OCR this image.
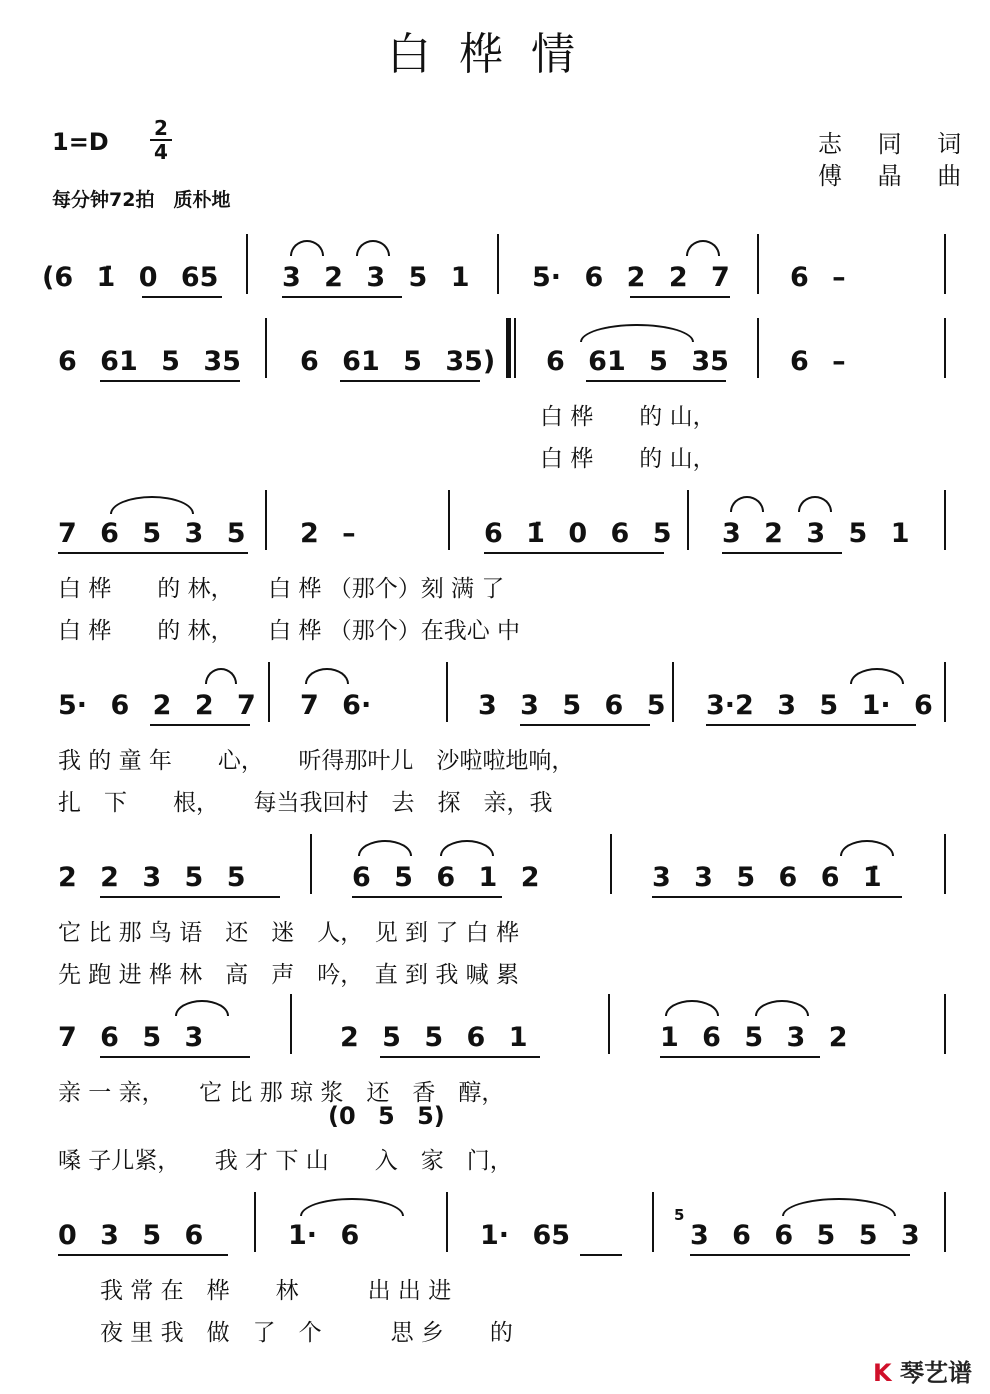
白桦情
1=D 2
4
每分钟72拍　质朴地
志 同 词
傅 晶 曲
(6 1̇ 0 65 3 2 3 5 1 5· 6 2 2 7 6 –
6 61 5 35 6 61 5 35) 6 61 5 35 6 –
白 桦　　的 山，
白 桦　　的 山，
7 6 5 3 5 2 –	6 1̇ 0 6 5 3 2 3 5 1
白 桦　　的 林，　　白 桦 （那个）刻 满 了
白 桦　　的 林，　　白 桦 （那个）在我心 中
5· 6 2 2 7 7 6·	3 3 5 6 5 3·2 3 5 1· 6
我 的 童 年　　心，　　听得那叶儿　沙啦啦地响，
扎　下　　根，　　每当我回村　去　探　亲，我
2 2 3 5 5	6 5 6 1 2	3 3 5 6 6 1̇
它 比 那 鸟 语　还　迷　人，　见 到 了 白 桦
先 跑 进 桦 林　高　声　吟，　直 到 我 喊 累
7 6 5 3	2 5 5 6 1	1 6 5 3 2
亲 一 亲，　　它 比 那 琼 浆　还　香　醇，
(0 5 5)
嗓 子儿紧，　　我 才 下 山　　入　家　门，
0 3 5 6	1· 6	1· 65
5
3 6 6 5 5 3
我 常 在　桦　　林　　　出 出 进
夜 里 我　做　了　个　　　思 乡　　的
K 琴艺谱
